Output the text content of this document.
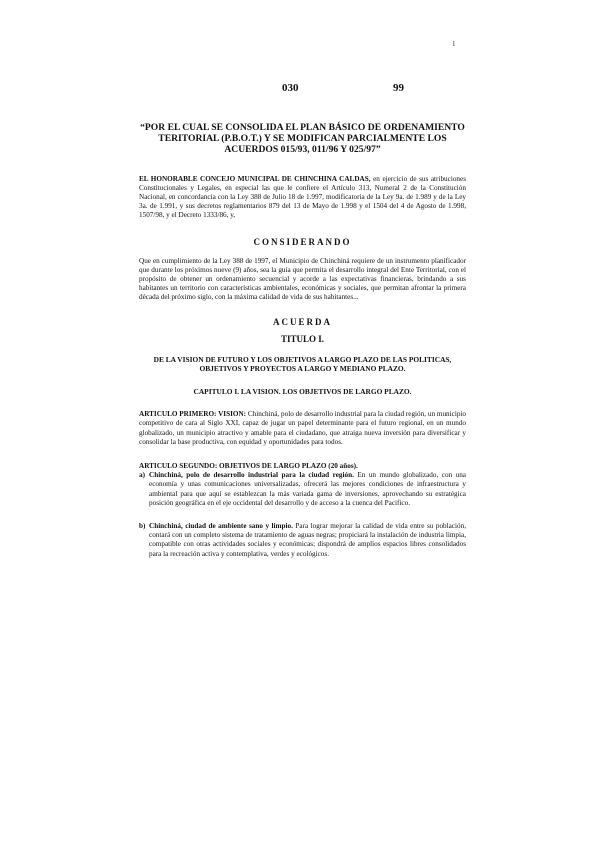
1
030	99
“POR EL CUAL SE CONSOLIDA EL PLAN BÁSICO DE ORDENAMIENTO TERITORIAL (P.B.O.T.) Y SE MODIFICAN PARCIALMENTE LOS ACUERDOS 015/93, 011/96 Y 025/97”

EL HONORABLE CONCEJO MUNICIPAL DE CHINCHINA CALDAS, en ejercicio de sus atribuciones Constitucionales y Legales, en especial las que le confiere el Artículo 313, Numeral 2 de la Constitución Nacional, en concordancia con la Ley 388 de Julio 18 de 1.997, modificatoria de la Ley 9a. de 1.989 y de la Ley 3a. de 1.991, y sus decretos reglamentarios 879 del 13 de Mayo de 1.998 y el 1504 del 4 de Agosto de 1.998, 1507/98, y el Decreto 1333/86, y,

CONSIDERANDO

Que en cumplimiento de la Ley 388 de 1997, el Municipio de Chinchiná requiere de un instrumento planificador que durante los próximos nueve (9) años, sea la guía que permita el desarrollo integral del Ente Territorial, con el propósito de obtener un ordenamiento secuencial y acorde a las expectativas financieras, brindando a sus habitantes un territorio con características ambientales, económicas y sociales, que permitan afrontar la primera década del próximo siglo, con la máxima calidad de vida de sus habitantes...

ACUERDA
TITULO I.
DE LA VISION DE FUTURO Y LOS OBJETIVOS A LARGO PLAZO DE LAS POLITICAS, OBJETIVOS Y PROYECTOS A LARGO Y MEDIANO PLAZO.
CAPITULO I. LA VISION. LOS OBJETIVOS DE LARGO PLAZO.

ARTICULO PRIMERO: VISION: Chinchiná, polo de desarrollo industrial para la ciudad región, un municipio competitivo de cara al Siglo XXI, capaz de jugar un papel determinante para el futuro regional, en un mundo globalizado, un municipio atractivo y amable para el ciudadano, que atraiga nueva inversión para diversificar y consolidar la base productiva, con equidad y oportunidades para todos.

ARTICULO SEGUNDO: OBJETIVOS DE LARGO PLAZO (20 años).
a) Chinchiná, polo de desarrollo industrial para la ciudad región. En un mundo globalizado, con una economía y unas comunicaciones universalizadas, ofrecerá las mejores condiciones de infraestructura y ambiental para que aquí se establezcan la más variada gama de inversiones, aprovechando su estratégica posición geográfica en el eje occidental del desarrollo y de acceso a la cuenca del Pacifico.
b) Chinchiná, ciudad de ambiente sano y limpio. Para lograr mejorar la calidad de vida entre su población, contará con un completo sistema de tratamiento de aguas negras; propiciará la instalación de industria limpia, compatible con otras actividades sociales y económicas; dispondrá de amplios espacios libres consolidados para la recreación activa y contemplativa, verdes y ecológicos.
